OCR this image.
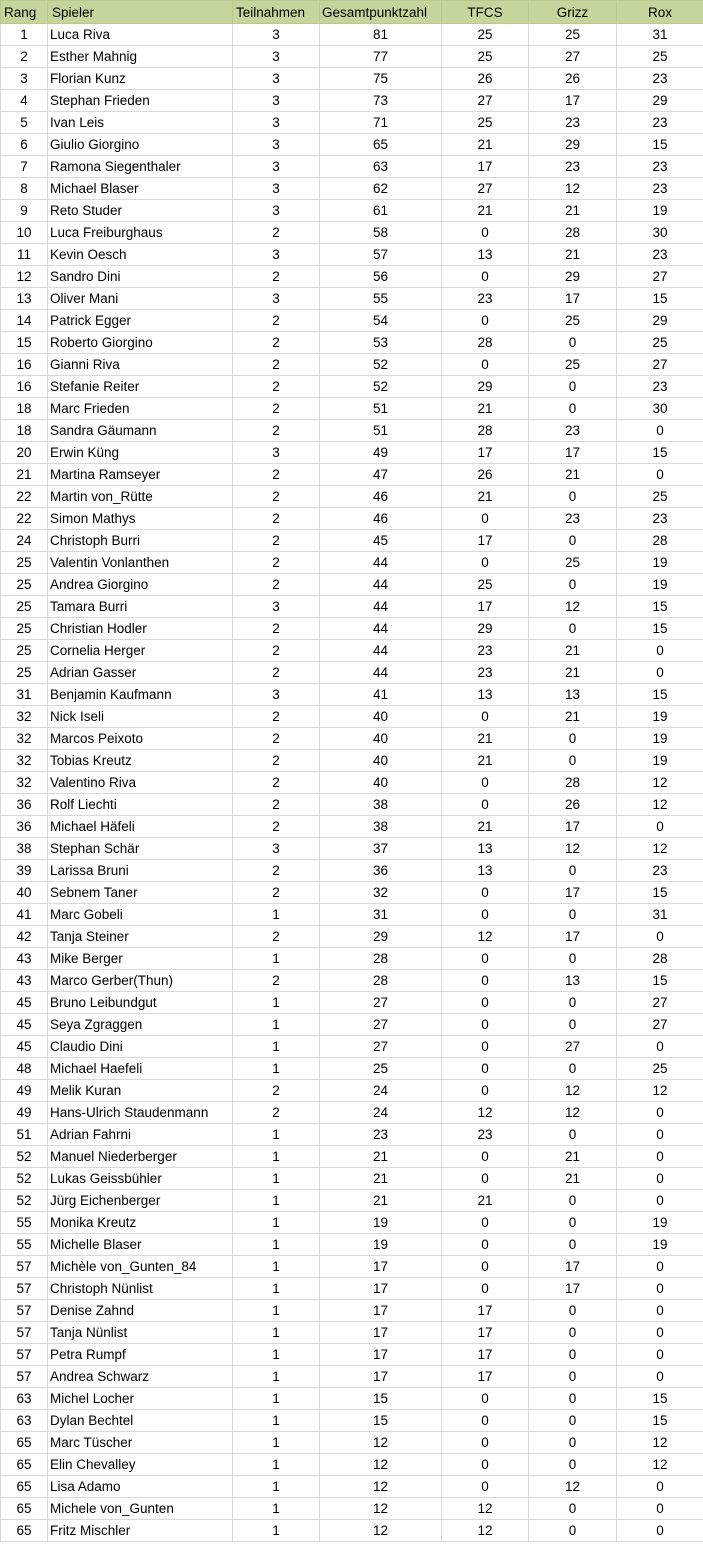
Rang	Spieler	Teilnahmen	Gesamtpunktzahl	TFCS	Grizz	Rox
1	Luca Riva	3	81	25	25	31
2	Esther Mahnig	3	77	25	27	25
3	Florian Kunz	3	75	26	26	23
4	Stephan Frieden	3	73	27	17	29
5	Ivan Leis	3	71	25	23	23
6	Giulio Giorgino	3	65	21	29	15
7	Ramona Siegenthaler	3	63	17	23	23
8	Michael Blaser	3	62	27	12	23
9	Reto Studer	3	61	21	21	19
10	Luca Freiburghaus	2	58	0	28	30
11	Kevin Oesch	3	57	13	21	23
12	Sandro Dini	2	56	0	29	27
13	Oliver Mani	3	55	23	17	15
14	Patrick Egger	2	54	0	25	29
15	Roberto Giorgino	2	53	28	0	25
16	Gianni Riva	2	52	0	25	27
16	Stefanie Reiter	2	52	29	0	23
18	Marc Frieden	2	51	21	0	30
18	Sandra Gäumann	2	51	28	23	0
20	Erwin Küng	3	49	17	17	15
21	Martina Ramseyer	2	47	26	21	0
22	Martin von_Rütte	2	46	21	0	25
22	Simon Mathys	2	46	0	23	23
24	Christoph Burri	2	45	17	0	28
25	Valentin Vonlanthen	2	44	0	25	19
25	Andrea Giorgino	2	44	25	0	19
25	Tamara Burri	3	44	17	12	15
25	Christian Hodler	2	44	29	0	15
25	Cornelia Herger	2	44	23	21	0
25	Adrian Gasser	2	44	23	21	0
31	Benjamin Kaufmann	3	41	13	13	15
32	Nick Iseli	2	40	0	21	19
32	Marcos Peixoto	2	40	21	0	19
32	Tobias Kreutz	2	40	21	0	19
32	Valentino Riva	2	40	0	28	12
36	Rolf Liechti	2	38	0	26	12
36	Michael Häfeli	2	38	21	17	0
38	Stephan Schär	3	37	13	12	12
39	Larissa Bruni	2	36	13	0	23
40	Sebnem Taner	2	32	0	17	15
41	Marc Gobeli	1	31	0	0	31
42	Tanja Steiner	2	29	12	17	0
43	Mike Berger	1	28	0	0	28
43	Marco Gerber(Thun)	2	28	0	13	15
45	Bruno Leibundgut	1	27	0	0	27
45	Seya Zgraggen	1	27	0	0	27
45	Claudio Dini	1	27	0	27	0
48	Michael Haefeli	1	25	0	0	25
49	Melik Kuran	2	24	0	12	12
49	Hans-Ulrich Staudenmann	2	24	12	12	0
51	Adrian Fahrni	1	23	23	0	0
52	Manuel Niederberger	1	21	0	21	0
52	Lukas Geissbühler	1	21	0	21	0
52	Jürg Eichenberger	1	21	21	0	0
55	Monika Kreutz	1	19	0	0	19
55	Michelle Blaser	1	19	0	0	19
57	Michèle von_Gunten_84	1	17	0	17	0
57	Christoph Nünlist	1	17	0	17	0
57	Denise Zahnd	1	17	17	0	0
57	Tanja Nünlist	1	17	17	0	0
57	Petra Rumpf	1	17	17	0	0
57	Andrea Schwarz	1	17	17	0	0
63	Michel Locher	1	15	0	0	15
63	Dylan Bechtel	1	15	0	0	15
65	Marc Tüscher	1	12	0	0	12
65	Elin Chevalley	1	12	0	0	12
65	Lisa Adamo	1	12	0	12	0
65	Michele von_Gunten	1	12	12	0	0
65	Fritz Mischler	1	12	12	0	0
